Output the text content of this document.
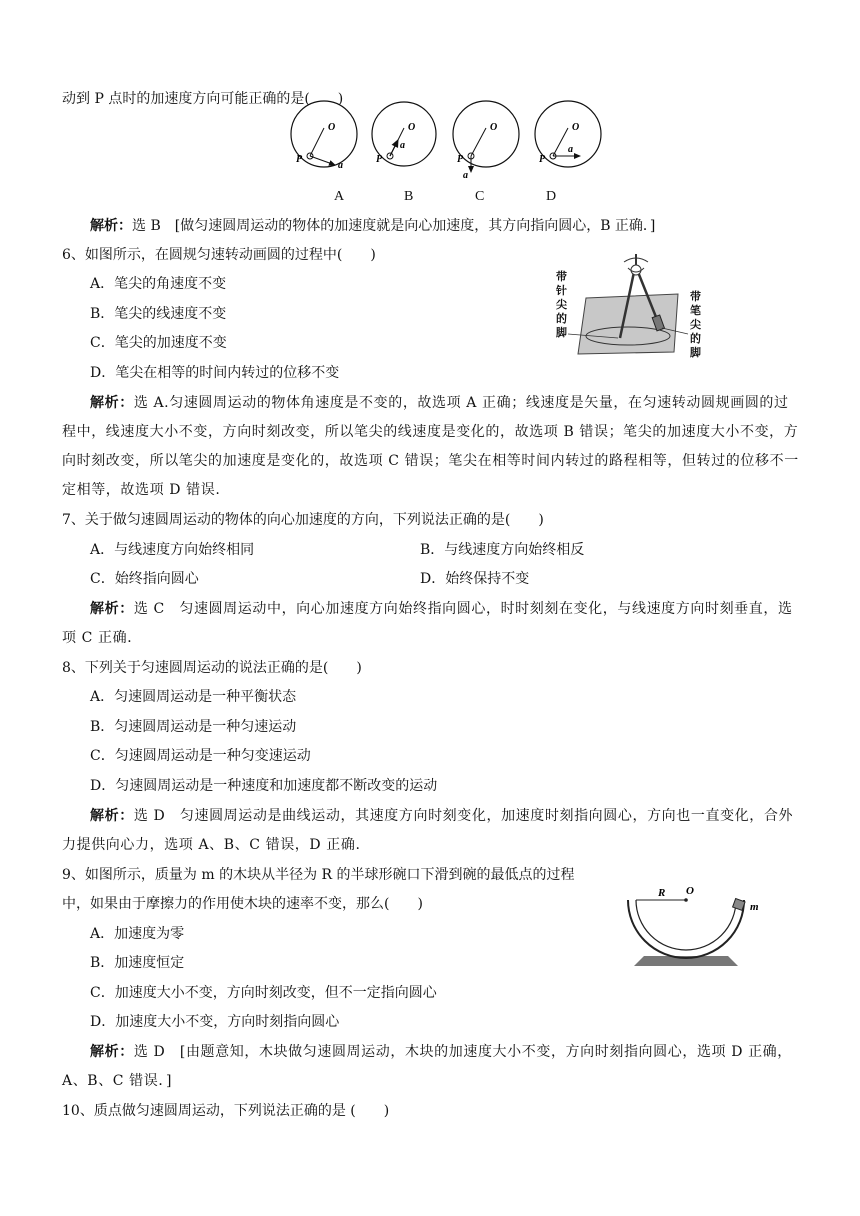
动到 P 点时的加速度方向可能正确的是(　　)
O
P
a
O
P
a
O
P
a
O
P
a
A	B	C	D
解析：选 B　[做匀速圆周运动的物体的加速度就是向心加速度，其方向指向圆心，B 正确．]
6、如图所示，在圆规匀速转动画圆的过程中(　　)
A．笔尖的角速度不变
B．笔尖的线速度不变
C．笔尖的加速度不变
D．笔尖在相等的时间内转过的位移不变
带
针
尖
的
脚
带
笔
尖
的
脚
解析：选 A.匀速圆周运动的物体角速度是不变的，故选项 A 正确；线速度是矢量，在匀速转动圆规画圆的过程中，线速度大小不变，方向时刻改变，所以笔尖的线速度是变化的，故选项 B 错误；笔尖的加速度大小不变，方向时刻改变，所以笔尖的加速度是变化的，故选项 C 错误；笔尖在相等时间内转过的路程相等，但转过的位移不一定相等，故选项 D 错误.
7、关于做匀速圆周运动的物体的向心加速度的方向，下列说法正确的是(　　)
A．与线速度方向始终相同	B．与线速度方向始终相反
C．始终指向圆心	D．始终保持不变
解析：选 C　匀速圆周运动中，向心加速度方向始终指向圆心，时时刻刻在变化，与线速度方向时刻垂直，选项 C 正确．
8、下列关于匀速圆周运动的说法正确的是(　　)
A．匀速圆周运动是一种平衡状态
B．匀速圆周运动是一种匀速运动
C．匀速圆周运动是一种匀变速运动
D．匀速圆周运动是一种速度和加速度都不断改变的运动
解析：选 D　匀速圆周运动是曲线运动，其速度方向时刻变化，加速度时刻指向圆心，方向也一直变化，合外力提供向心力，选项 A、B、C 错误，D 正确.
9、如图所示，质量为 m 的木块从半径为 R 的半球形碗口下滑到碗的最低点的过程
中，如果由于摩擦力的作用使木块的速率不变，那么(　　)
A．加速度为零
B．加速度恒定
C．加速度大小不变，方向时刻改变，但不一定指向圆心
D．加速度大小不变，方向时刻指向圆心
R O
m
解析：选 D　[由题意知，木块做匀速圆周运动，木块的加速度大小不变，方向时刻指向圆心，选项 D 正确，A、B、C 错误．]
10、质点做匀速圆周运动，下列说法正确的是 (　　)
